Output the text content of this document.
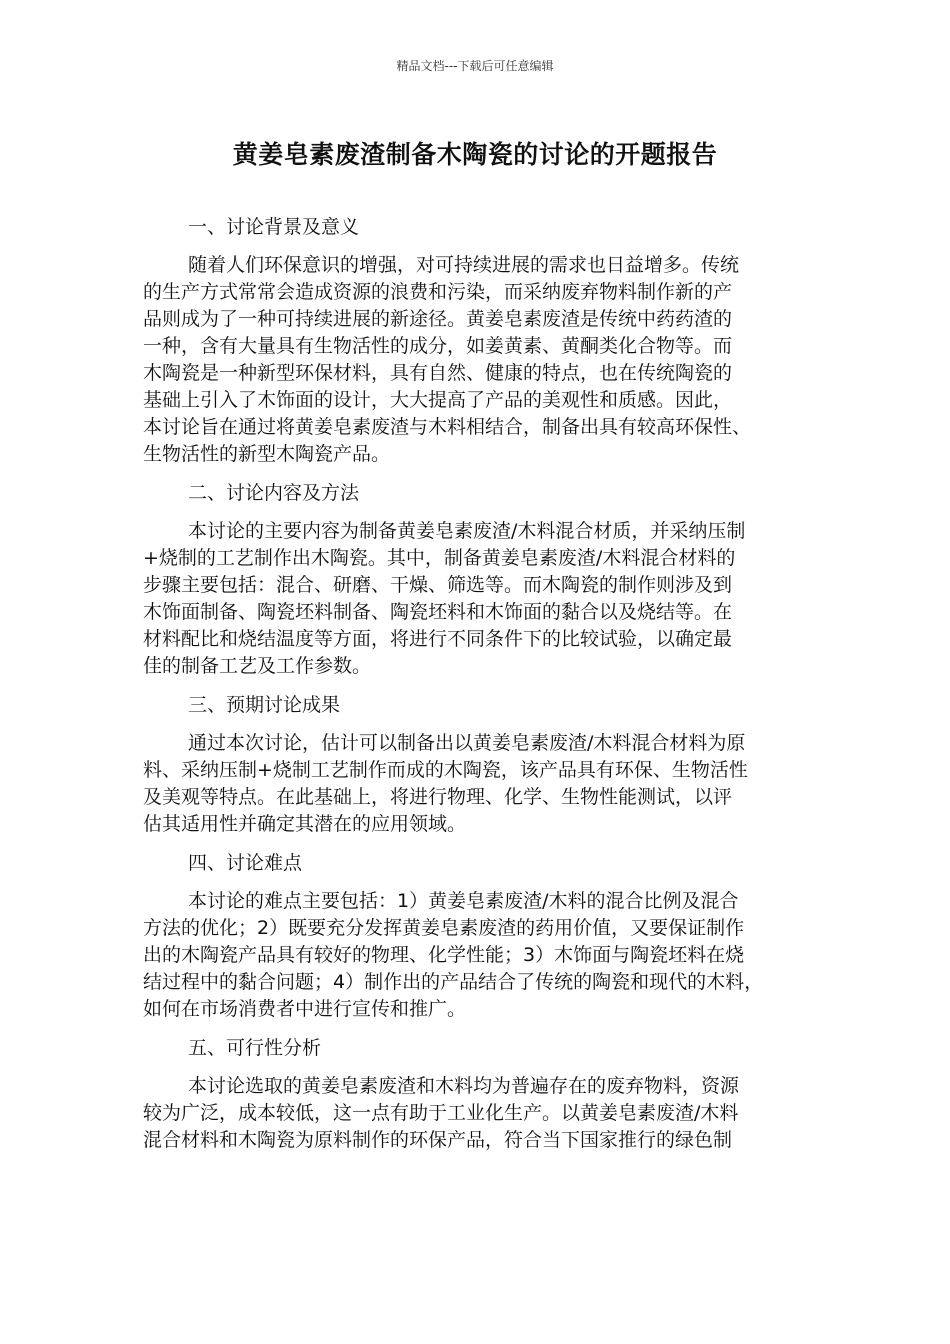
精品文档---下载后可任意编辑
黄姜皂素废渣制备木陶瓷的讨论的开题报告
一、讨论背景及意义
随着人们环保意识的增强，对可持续进展的需求也日益增多。传统
的生产方式常常会造成资源的浪费和污染，而采纳废弃物料制作新的产
品则成为了一种可持续进展的新途径。黄姜皂素废渣是传统中药药渣的
一种，含有大量具有生物活性的成分，如姜黄素、黄酮类化合物等。而
木陶瓷是一种新型环保材料，具有自然、健康的特点，也在传统陶瓷的
基础上引入了木饰面的设计，大大提高了产品的美观性和质感。因此，
本讨论旨在通过将黄姜皂素废渣与木料相结合，制备出具有较高环保性、
生物活性的新型木陶瓷产品。
二、讨论内容及方法
本讨论的主要内容为制备黄姜皂素废渣/木料混合材质，并采纳压制
+烧制的工艺制作出木陶瓷。其中，制备黄姜皂素废渣/木料混合材料的
步骤主要包括：混合、研磨、干燥、筛选等。而木陶瓷的制作则涉及到
木饰面制备、陶瓷坯料制备、陶瓷坯料和木饰面的黏合以及烧结等。在
材料配比和烧结温度等方面，将进行不同条件下的比较试验，以确定最
佳的制备工艺及工作参数。
三、预期讨论成果
通过本次讨论，估计可以制备出以黄姜皂素废渣/木料混合材料为原
料、采纳压制+烧制工艺制作而成的木陶瓷，该产品具有环保、生物活性
及美观等特点。在此基础上，将进行物理、化学、生物性能测试，以评
估其适用性并确定其潜在的应用领域。
四、讨论难点
本讨论的难点主要包括：1）黄姜皂素废渣/木料的混合比例及混合
方法的优化；2）既要充分发挥黄姜皂素废渣的药用价值，又要保证制作
出的木陶瓷产品具有较好的物理、化学性能；3）木饰面与陶瓷坯料在烧
结过程中的黏合问题；4）制作出的产品结合了传统的陶瓷和现代的木料，
如何在市场消费者中进行宣传和推广。
五、可行性分析
本讨论选取的黄姜皂素废渣和木料均为普遍存在的废弃物料，资源
较为广泛，成本较低，这一点有助于工业化生产。以黄姜皂素废渣/木料
混合材料和木陶瓷为原料制作的环保产品，符合当下国家推行的绿色制
